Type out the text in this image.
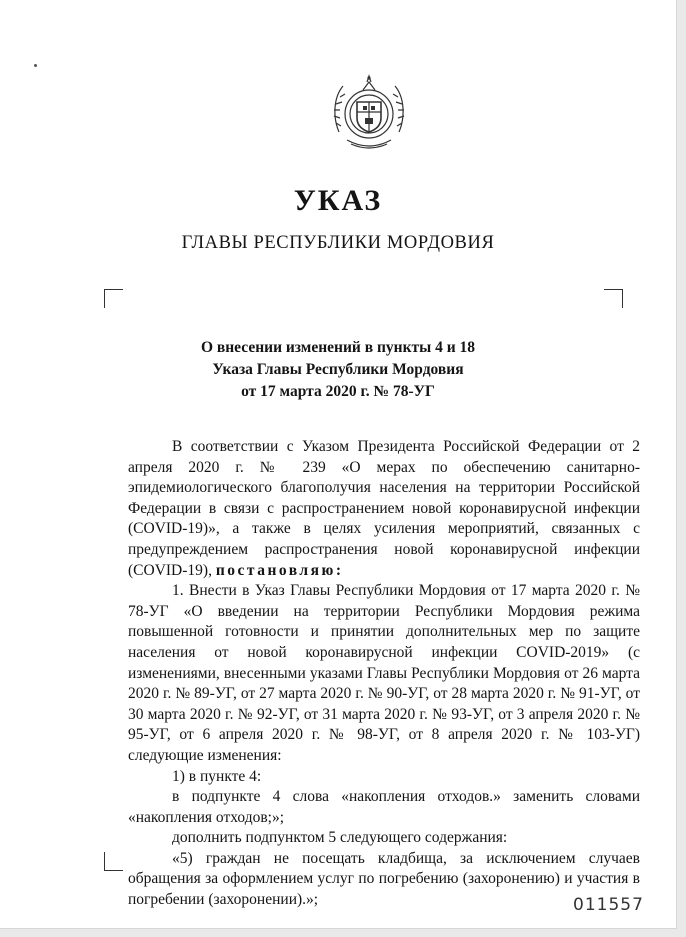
УКАЗ
ГЛАВЫ РЕСПУБЛИКИ МОРДОВИЯ
О внесении изменений в пункты 4 и 18
Указа Главы Республики Мордовия
от 17 марта 2020 г. № 78-УГ

В соответствии с Указом Президента Российской Федерации от 2 апреля 2020 г. № 239 «О мерах по обеспечению санитарно-эпидемиологического благополучия населения на территории Российской Федерации в связи с распространением новой коронавирусной инфекции (COVID-19)», а также в целях усиления мероприятий, связанных с предупреждением распространения новой коронавирусной инфекции (COVID-19), постановляю:

1. Внести в Указ Главы Республики Мордовия от 17 марта 2020 г. № 78-УГ «О введении на территории Республики Мордовия режима повышенной готовности и принятии дополнительных мер по защите населения от новой коронавирусной инфекции COVID-2019» (с изменениями, внесенными указами Главы Республики Мордовия от 26 марта 2020 г. № 89-УГ, от 27 марта 2020 г. № 90-УГ, от 28 марта 2020 г. № 91-УГ, от 30 марта 2020 г. № 92-УГ, от 31 марта 2020 г. № 93-УГ, от 3 апреля 2020 г. № 95-УГ, от 6 апреля 2020 г. № 98-УГ, от 8 апреля 2020 г. № 103-УГ) следующие изменения:

1) в пункте 4:

в подпункте 4 слова «накопления отходов.» заменить словами «накопления отходов;»;

дополнить подпунктом 5 следующего содержания:

«5) граждан не посещать кладбища, за исключением случаев обращения за оформлением услуг по погребению (захоронению) и участия в погребении (захоронении).»;	011557
